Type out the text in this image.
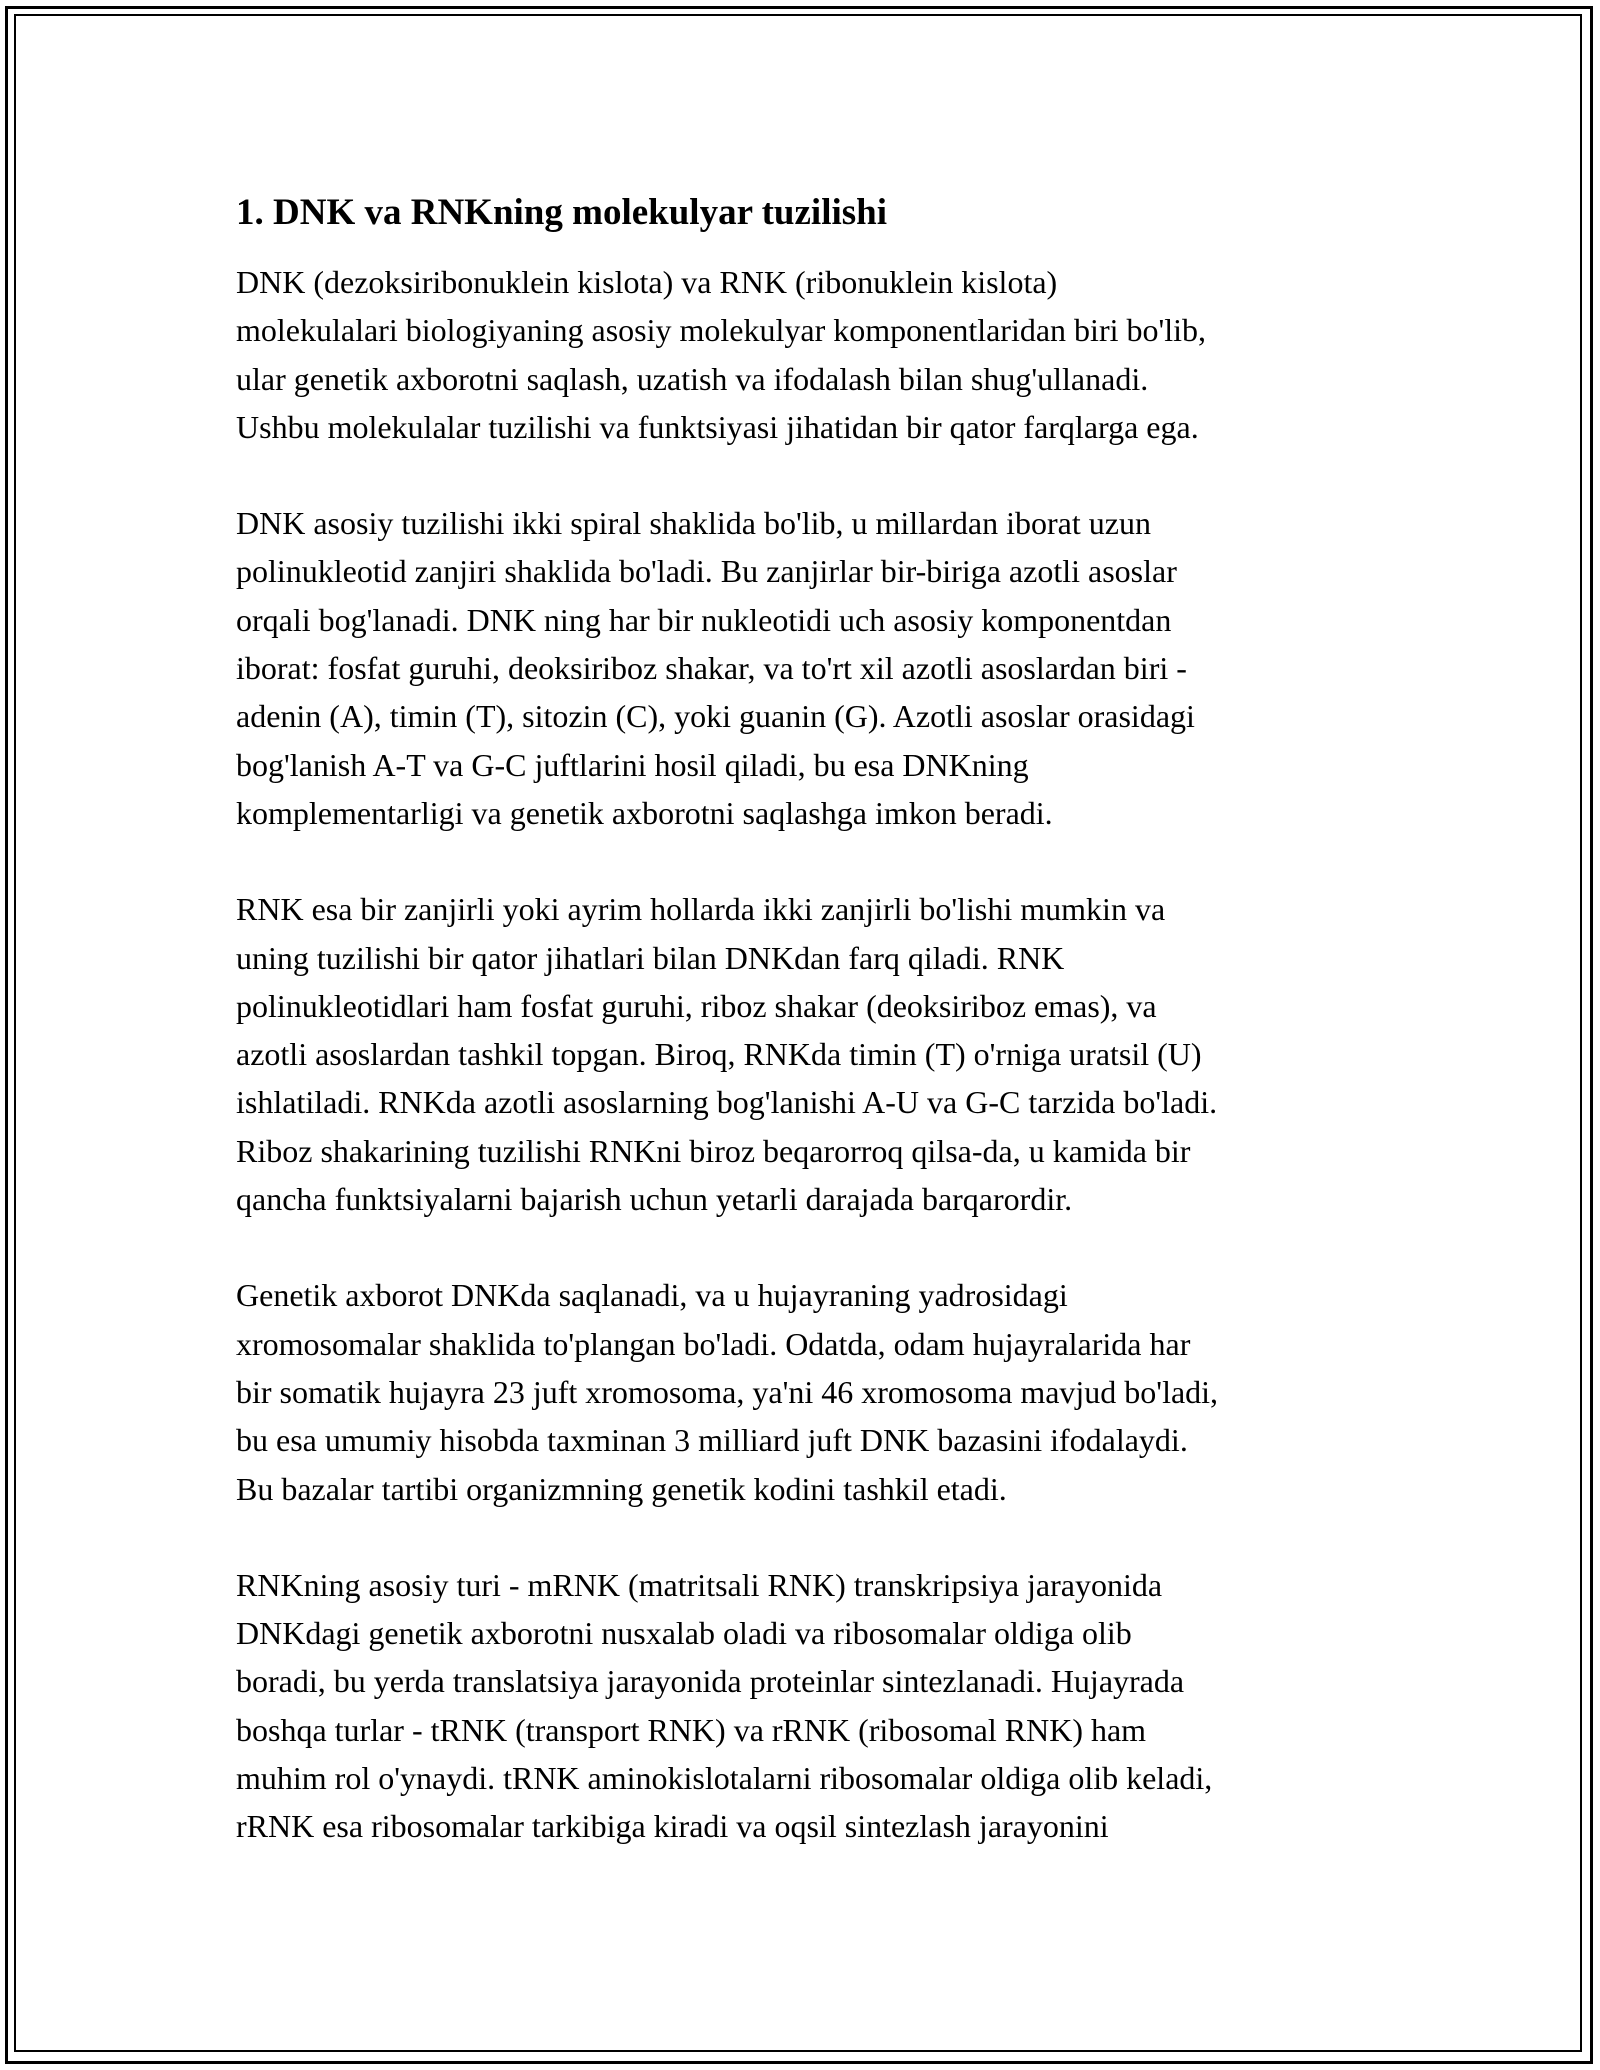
1. DNK va RNKning molekulyar tuzilishi
DNK (dezoksiribonuklein kislota) va RNK (ribonuklein kislota)
molekulalari biologiyaning asosiy molekulyar komponentlaridan biri bo'lib,
ular genetik axborotni saqlash, uzatish va ifodalash bilan shug'ullanadi.
Ushbu molekulalar tuzilishi va funktsiyasi jihatidan bir qator farqlarga ega.
DNK asosiy tuzilishi ikki spiral shaklida bo'lib, u millardan iborat uzun
polinukleotid zanjiri shaklida bo'ladi. Bu zanjirlar bir-biriga azotli asoslar
orqali bog'lanadi. DNK ning har bir nukleotidi uch asosiy komponentdan
iborat: fosfat guruhi, deoksiriboz shakar, va to'rt xil azotli asoslardan biri -
adenin (A), timin (T), sitozin (C), yoki guanin (G). Azotli asoslar orasidagi
bog'lanish A-T va G-C juftlarini hosil qiladi, bu esa DNKning
komplementarligi va genetik axborotni saqlashga imkon beradi.
RNK esa bir zanjirli yoki ayrim hollarda ikki zanjirli bo'lishi mumkin va
uning tuzilishi bir qator jihatlari bilan DNKdan farq qiladi. RNK
polinukleotidlari ham fosfat guruhi, riboz shakar (deoksiriboz emas), va
azotli asoslardan tashkil topgan. Biroq, RNKda timin (T) o'rniga uratsil (U)
ishlatiladi. RNKda azotli asoslarning bog'lanishi A-U va G-C tarzida bo'ladi.
Riboz shakarining tuzilishi RNKni biroz beqarorroq qilsa-da, u kamida bir
qancha funktsiyalarni bajarish uchun yetarli darajada barqarordir.
Genetik axborot DNKda saqlanadi, va u hujayraning yadrosidagi
xromosomalar shaklida to'plangan bo'ladi. Odatda, odam hujayralarida har
bir somatik hujayra 23 juft xromosoma, ya'ni 46 xromosoma mavjud bo'ladi,
bu esa umumiy hisobda taxminan 3 milliard juft DNK bazasini ifodalaydi.
Bu bazalar tartibi organizmning genetik kodini tashkil etadi.
RNKning asosiy turi - mRNK (matritsali RNK) transkripsiya jarayonida
DNKdagi genetik axborotni nusxalab oladi va ribosomalar oldiga olib
boradi, bu yerda translatsiya jarayonida proteinlar sintezlanadi. Hujayrada
boshqa turlar - tRNK (transport RNK) va rRNK (ribosomal RNK) ham
muhim rol o'ynaydi. tRNK aminokislotalarni ribosomalar oldiga olib keladi,
rRNK esa ribosomalar tarkibiga kiradi va oqsil sintezlash jarayonini
